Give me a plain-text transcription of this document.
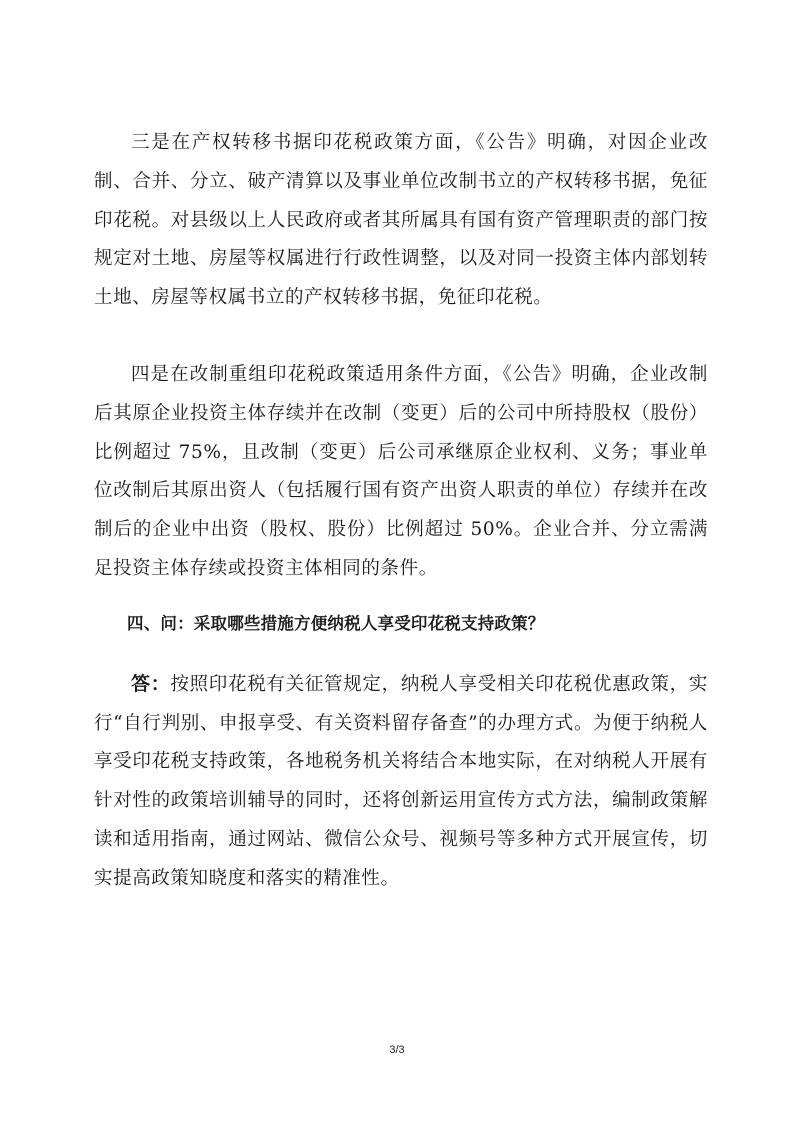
三是在产权转移书据印花税政策方面，《公告》明确，对因企业改制、合并、分立、破产清算以及事业单位改制书立的产权转移书据，免征印花税。对县级以上人民政府或者其所属具有国有资产管理职责的部门按规定对土地、房屋等权属进行行政性调整，以及对同一投资主体内部划转土地、房屋等权属书立的产权转移书据，免征印花税。

四是在改制重组印花税政策适用条件方面，《公告》明确，企业改制后其原企业投资主体存续并在改制（变更）后的公司中所持股权（股份）比例超过 75%，且改制（变更）后公司承继原企业权利、义务；事业单位改制后其原出资人（包括履行国有资产出资人职责的单位）存续并在改制后的企业中出资（股权、股份）比例超过 50%。企业合并、分立需满足投资主体存续或投资主体相同的条件。

四、问：采取哪些措施方便纳税人享受印花税支持政策？

答：按照印花税有关征管规定，纳税人享受相关印花税优惠政策，实行“自行判别、申报享受、有关资料留存备查”的办理方式。为便于纳税人享受印花税支持政策，各地税务机关将结合本地实际，在对纳税人开展有针对性的政策培训辅导的同时，还将创新运用宣传方式方法，编制政策解读和适用指南，通过网站、微信公众号、视频号等多种方式开展宣传，切实提高政策知晓度和落实的精准性。

3/3
